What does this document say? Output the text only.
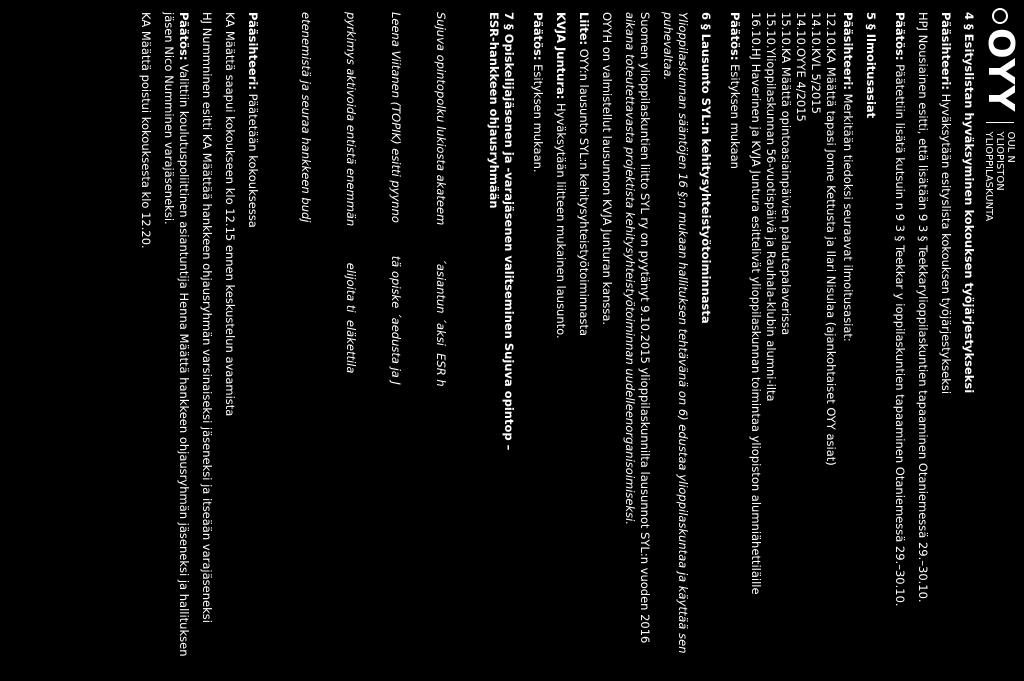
OYY
OUL N
YLIOPISTON
YLIOPPILASKUNTA
4 § Esityslistan hyväksyminen kokouksen työjärjestykseksi
Pääsihteeri: Hyväksytään esityslista kokouksen työjärjestykseksi
HPJ Nousiainen esitti, että lisätään 9 3 § Teekkarylioppilaskuntien tapaaminen Otaniemessä 29.–30.10.
Päätös: Päätettiin lisätä kutsuin n 9 3 § Teekkar y ioppilaskuntien tapaaminen Otaniemessä 29.–30.10.
5 § Ilmoitusasiat
Pääsihteeri: Merkitään tiedoksi seuraavat ilmoitusasiat:
12.10.
KA Määttä tapasi Jonne Kettusta ja Ilari Nisulaa (ajankohtaiset OYY asiat)
14.10.
KVL 5/2015
14.10.
OYYE 4/2015
15.10.
KA Määttä opintoasiainpäivien palautepalaverissa
15.10.
Ylioppilaskunnan 56-vuotispäivä ja Rauhala-klubin alumni-ilta
16.10.
HJ Haverinen ja KVJA Juntura esittelivät ylioppilaskunnan toimintaa yliopiston alumniähettiläille
Päätös: Esityksen mukaan
6 § Lausunto SYL:n kehitysyhteistyötoiminnasta
Ylioppilaskunnan sääntöjen 16 §:n mukaan hallituksen tehtävänä on 6) edustaa ylioppilaskuntaa ja käyttää sen puhevaltaa.
Suomen ylioppilaskuntien liitto SYL ry on pyytänyt 9.10.2015 ylioppilaskunnilta lausunnot SYL:n vuoden 2016 aikana toteutettavasta projektista kehitysyhteistyötoiminnan uudelleenorganisoimiseksi.
OYYH on valmistellut lausunnon KVJA Junturan kanssa.
Liite: OYY:n lausunto SYL:n kehitysyhteistyötoiminnasta
KVJA Juntura: Hyväksytään liitteen mukainen lausunto.
Päätös: Esityksen mukaan.
7 § Opiskelijajäsenen ja -varajäsenen valitseminen Sujuva opintop – ESR-hankkeen ohjausryhmään

Sujuva opintopolku lukiosta akateem         ´asiantun ´aksi  ESR h

Leena Viitanen (TOPIK) esitti pyynno         tä opiske ´aedusta ja J

pyrkimys aktivoida entistä enemmän          elijoita ti  eläkettila

etenemistä ja seuraa hankkeen budj

Pääsihteeri: Päätetään kokouksessa
KA Määttä saapui kokoukseen klo 12.15 ennen keskustelun avaamista
HJ Nummninen esitti KA Määttää hankkeen ohjausryhmän varsinaiseksi jäseneksi ja itseään varajäseneksi
Päätös: Valittiin koulutuspoliittinen asiantuntija Henna Määttä hankkeen ohjausryhmän jäseneksi ja hallituksen jäsen Nico Numminen varajäseneksi.
KA Määttä poistui kokouksesta klo 12.20.
